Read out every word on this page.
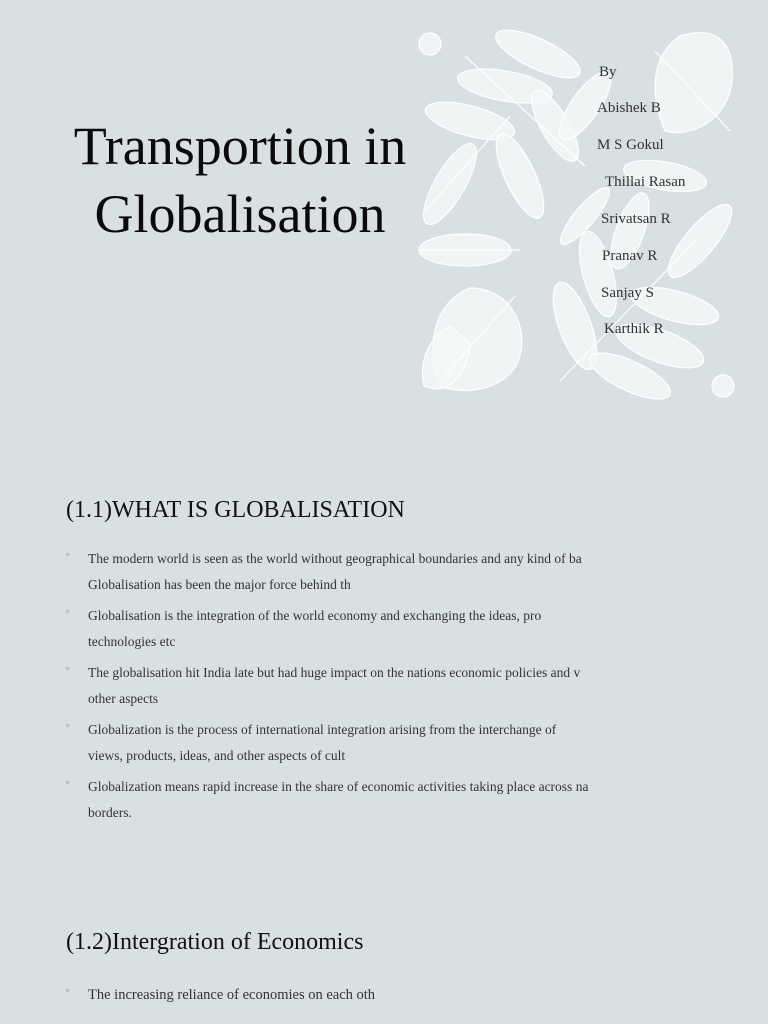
Transportion in
Globalisation
By
Abishek B
M S Gokul
Thillai Rasan
Srivatsan R
Pranav R
Sanjay S
Karthik R
(1.1)WHAT IS GLOBALISATION
▫ The modern world is seen as the world without geographical boundaries and any kind of ba
Globalisation has been the major force behind th
▫ Globalisation is the integration of the world economy and exchanging the ideas, pro
technologies etc
▫ The globalisation hit India late but had huge impact on the nations economic policies and v
other aspects
▫ Globalization is the process of international integration arising from the interchange of
views, products, ideas, and other aspects of cult
▫ Globalization means rapid increase in the share of economic activities taking place across na
borders.
(1.2)Intergration of Economics
▫ The increasing reliance of economies on each oth
